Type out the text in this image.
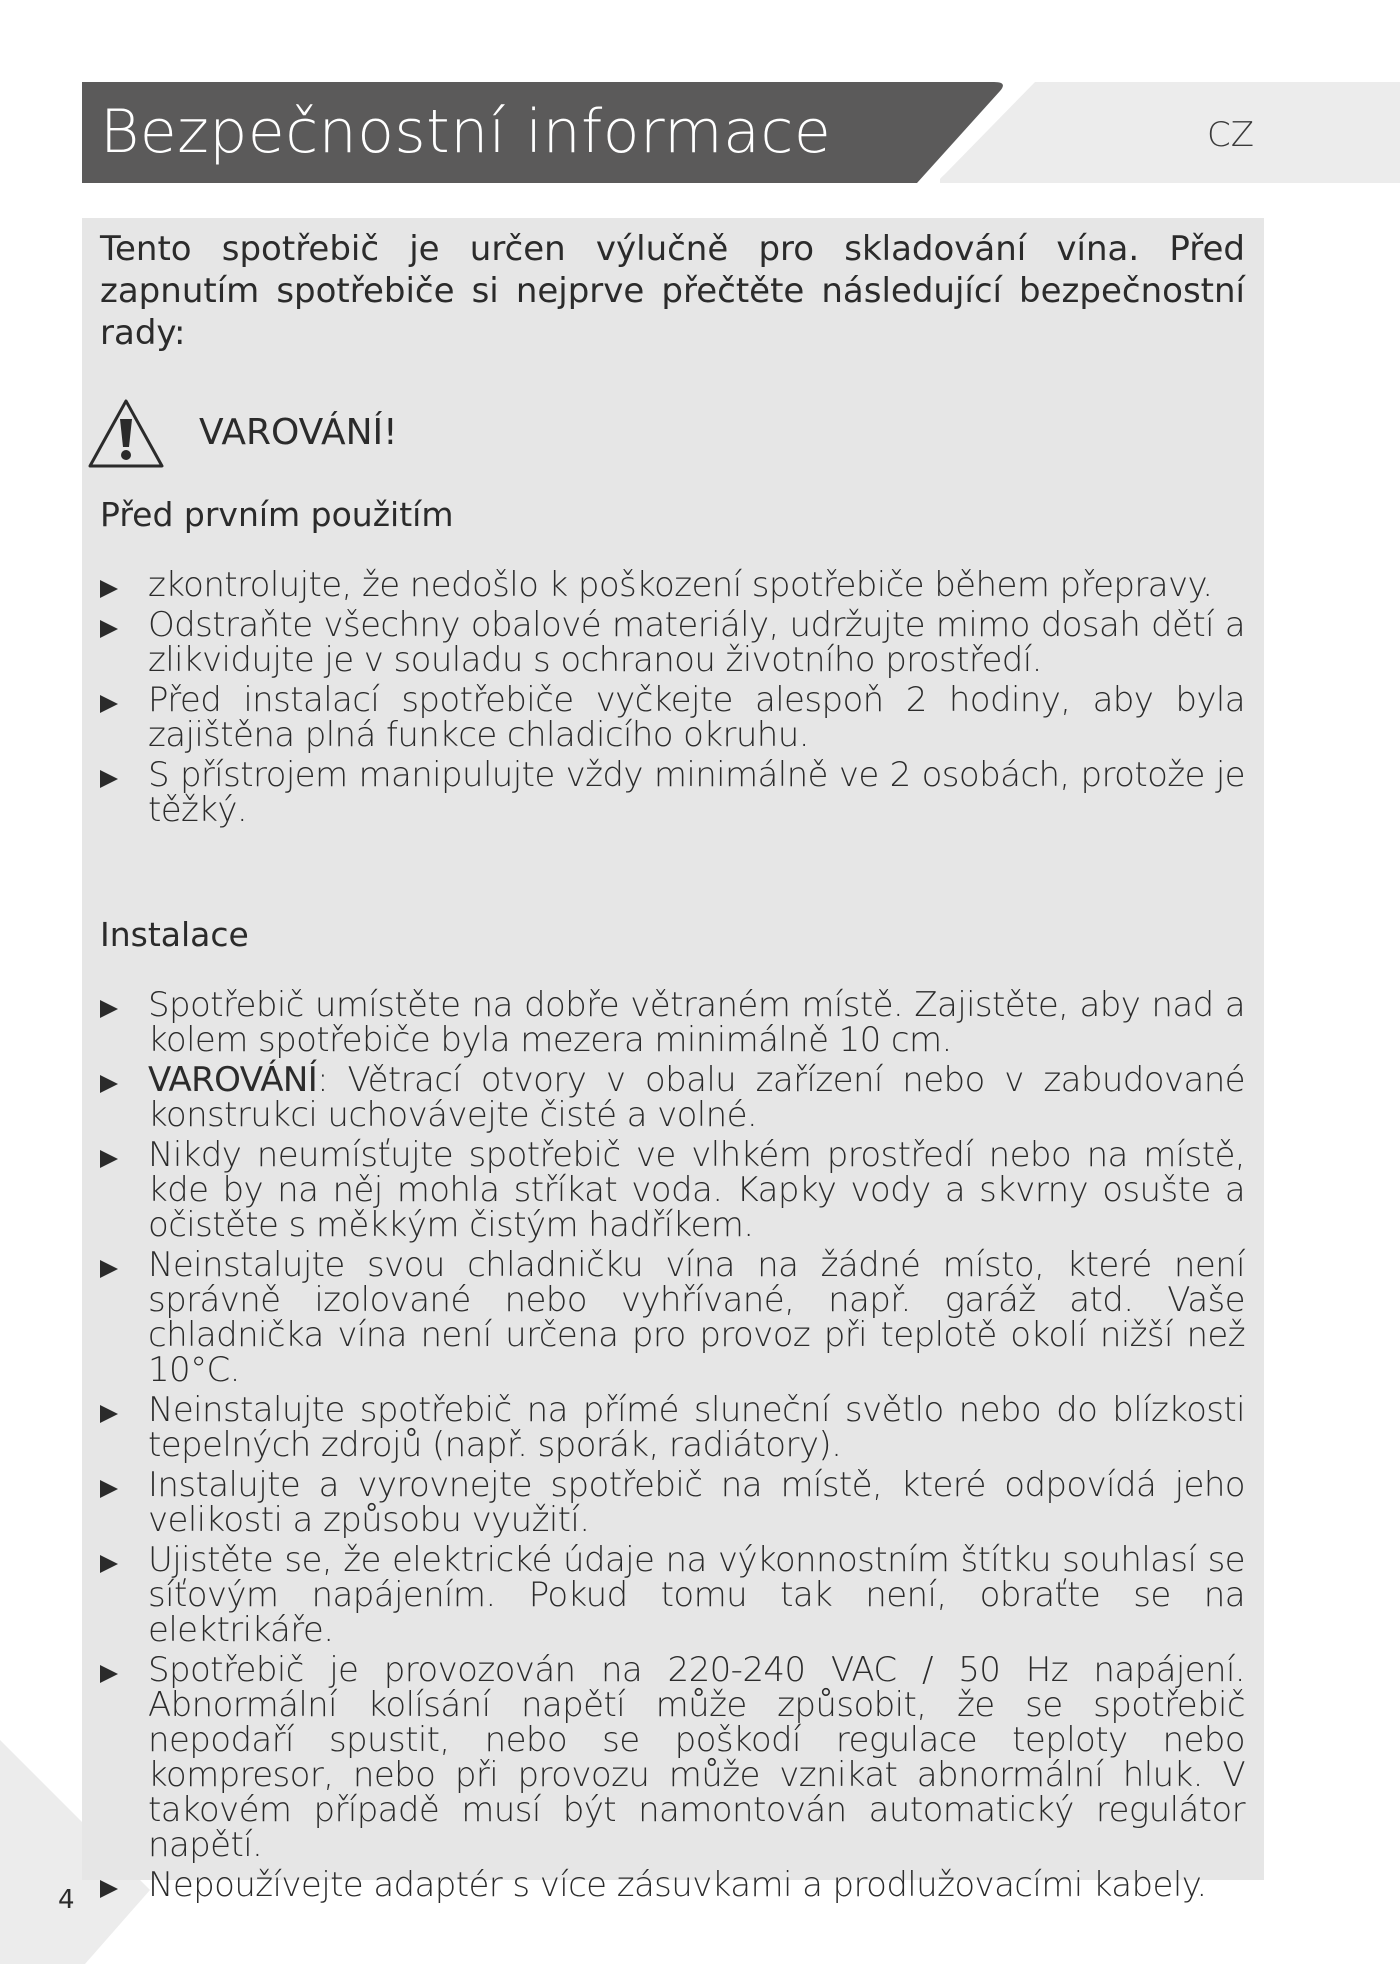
Bezpečnostní informace	CZ

Tento spotřebič je určen výlučně pro skladování vína. Před zapnutím spotřebiče si nejprve přečtěte následující bezpečnostní rady:

VAROVÁNÍ!
Před prvním použitím
zkontrolujte, že nedošlo k poškození spotřebiče během přepravy.
Odstraňte všechny obalové materiály, udržujte mimo dosah dětí a zlikvidujte je v souladu s ochranou životního prostředí.
Před instalací spotřebiče vyčkejte alespoň 2 hodiny, aby byla zajištěna plná funkce chladicího okruhu.
S přístrojem manipulujte vždy minimálně ve 2 osobách, protože je těžký.
Instalace
Spotřebič umístěte na dobře větraném místě. Zajistěte, aby nad a kolem spotřebiče byla mezera minimálně 10 cm.
VAROVÁNÍ: Větrací otvory v obalu zařízení nebo v zabudované konstrukci uchovávejte čisté a volné.
Nikdy neumísťujte spotřebič ve vlhkém prostředí nebo na místě, kde by na něj mohla stříkat voda. Kapky vody a skvrny osušte a očistěte s měkkým čistým hadříkem.
Neinstalujte svou chladničku vína na žádné místo, které není správně izolované nebo vyhřívané, např. garáž atd. Vaše chladnička vína není určena pro provoz při teplotě okolí nižší než 10°C.
Neinstalujte spotřebič na přímé sluneční světlo nebo do blízkosti tepelných zdrojů (např. sporák, radiátory).
Instalujte a vyrovnejte spotřebič na místě, které odpovídá jeho velikosti a způsobu využití.
Ujistěte se, že elektrické údaje na výkonnostním štítku souhlasí se síťovým napájením. Pokud tomu tak není, obraťte se na elektrikáře.
Spotřebič je provozován na 220-240 VAC / 50 Hz napájení. Abnormální kolísání napětí může způsobit, že se spotřebič nepodaří spustit, nebo se poškodí regulace teploty nebo kompresor, nebo při provozu může vznikat abnormální hluk. V takovém případě musí být namontován automatický regulátor napětí.
Nepoužívejte adaptér s více zásuvkami a prodlužovacími kabely.

4
